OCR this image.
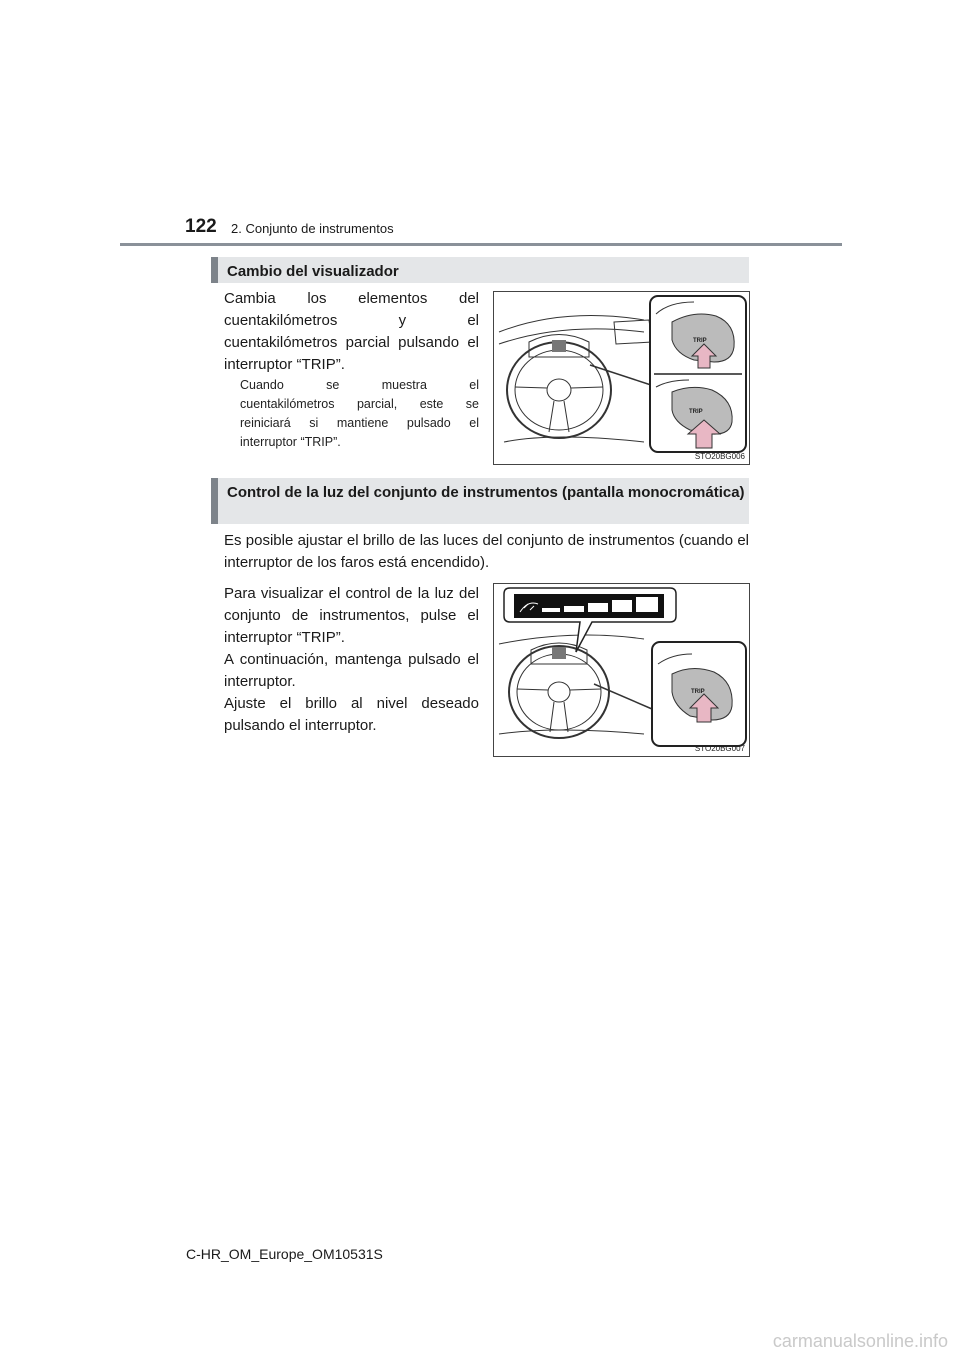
122 2. Conjunto de instrumentos
Cambio del visualizador
Cambia los elementos del
cuentakilómetros y el
cuentakilómetros parcial pulsando el
interruptor “TRIP”.
Cuando se muestra el
cuentakilómetros parcial, este se
reiniciará si mantiene pulsado el
interruptor “TRIP”.
TRIP
TRIP
STO20BG006
Control de la luz del conjunto de instrumentos (pantalla monocromática)
Es posible ajustar el brillo de las luces del conjunto de instrumentos (cuando el interruptor de los faros está encendido).
Para visualizar el control de la luz del
conjunto de instrumentos, pulse el
interruptor “TRIP”.
A continuación, mantenga pulsado el
interruptor.
Ajuste el brillo al nivel deseado
pulsando el interruptor.
TRIP
STO20BG007
C-HR_OM_Europe_OM10531S
carmanualsonline.info
